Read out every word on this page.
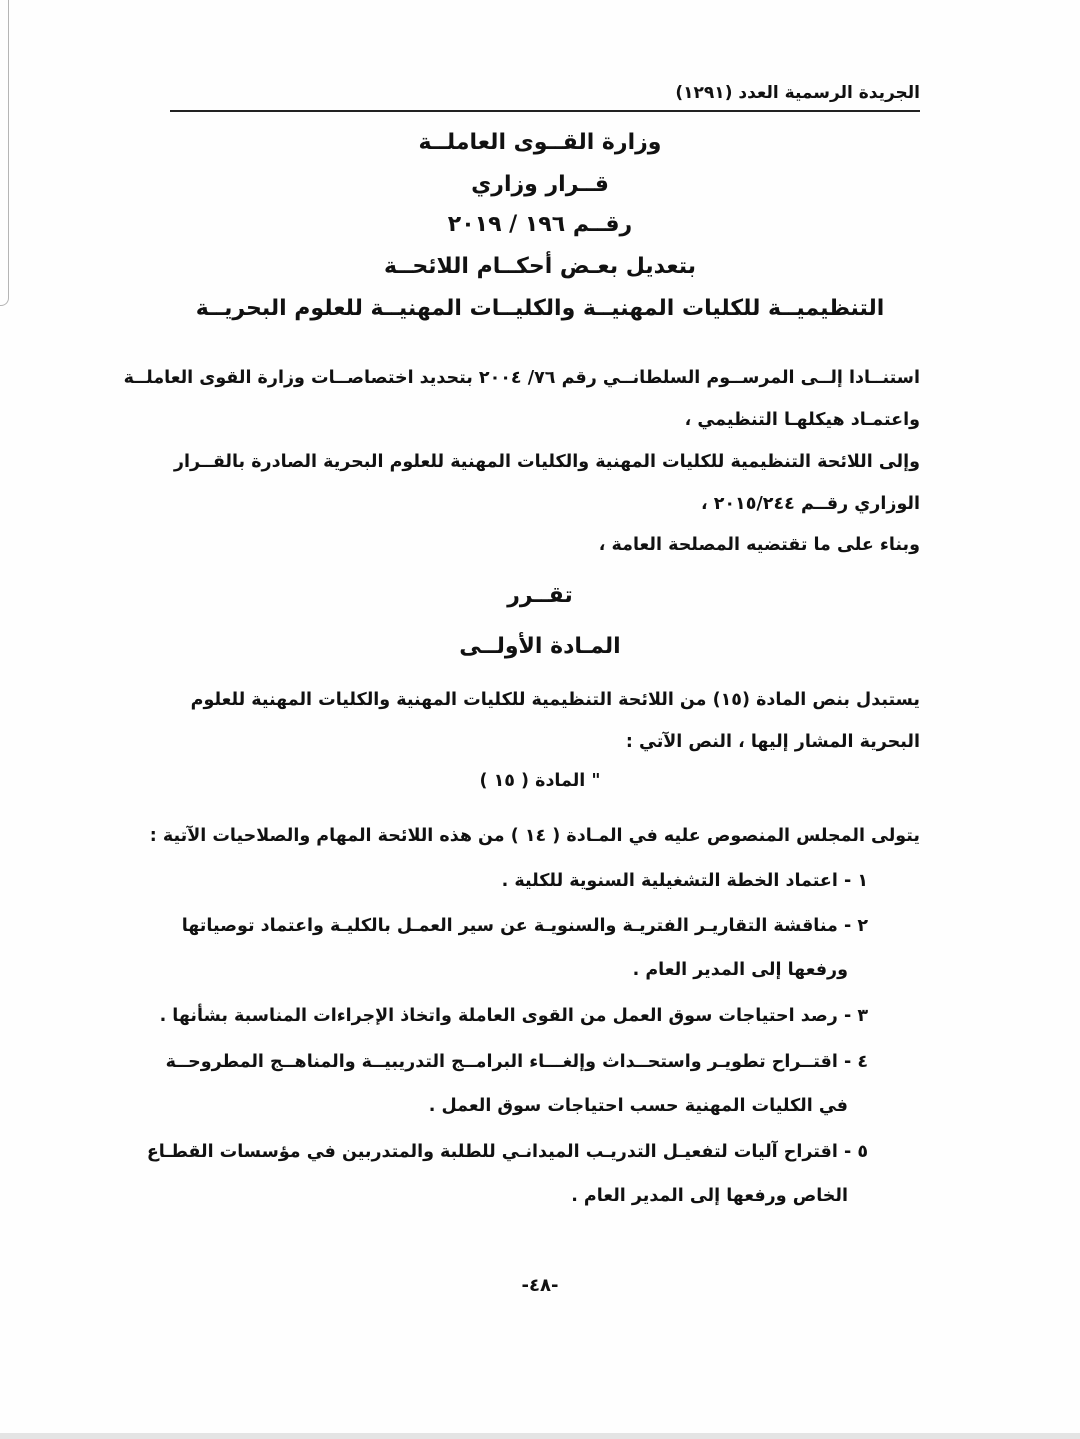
الجريدة الرسمية العدد (١٢٩١)
وزارة القــوى العاملــة
قــرار وزاري
رقــم ١٩٦ / ٢٠١٩
بتعديل بعـض أحكــام اللائحــة
التنظيميــة للكليات المهنيــة والكليــات المهنيــة للعلوم البحريــة
استنــادا إلــى المرســوم السلطانــي رقم ٧٦/ ٢٠٠٤ بتحديد اختصاصــات وزارة القوى العاملــة
واعتمـاد هيكلهـا التنظيمي ،
وإلى اللائحة التنظيمية للكليات المهنية والكليات المهنية للعلوم البحرية الصادرة بالقــرار
الوزاري رقــم ٢٠١٥/٢٤٤ ،
وبناء على ما تقتضيه المصلحة العامة ،
تقــرر
المـادة الأولــى
يستبدل بنص المادة (١٥) من اللائحة التنظيمية للكليات المهنية والكليات المهنية للعلوم
البحرية المشار إليها ، النص الآتي :
" المادة ( ١٥ )
يتولى المجلس المنصوص عليه في المـادة ( ١٤ ) من هذه اللائحة المهام والصلاحيات الآتية :
١ - اعتماد الخطة التشغيلية السنوية للكلية .
٢ - مناقشة التقاريـر الفتريـة والسنويـة عن سير العمـل بالكليـة واعتماد توصياتها
ورفعها إلى المدير العام .
٣ - رصد احتياجات سوق العمل من القوى العاملة واتخاذ الإجراءات المناسبة بشأنها .
٤ - اقتــراح تطويـر واستحــداث وإلغـــاء البرامــج التدريبيــة والمناهــج المطروحــة
في الكليات المهنية حسب احتياجات سوق العمل .
٥ - اقتراح آليات لتفعيـل التدريـب الميدانـي للطلبة والمتدربين في مؤسسات القطـاع
الخاص ورفعها إلى المدير العام .
-٤٨-
